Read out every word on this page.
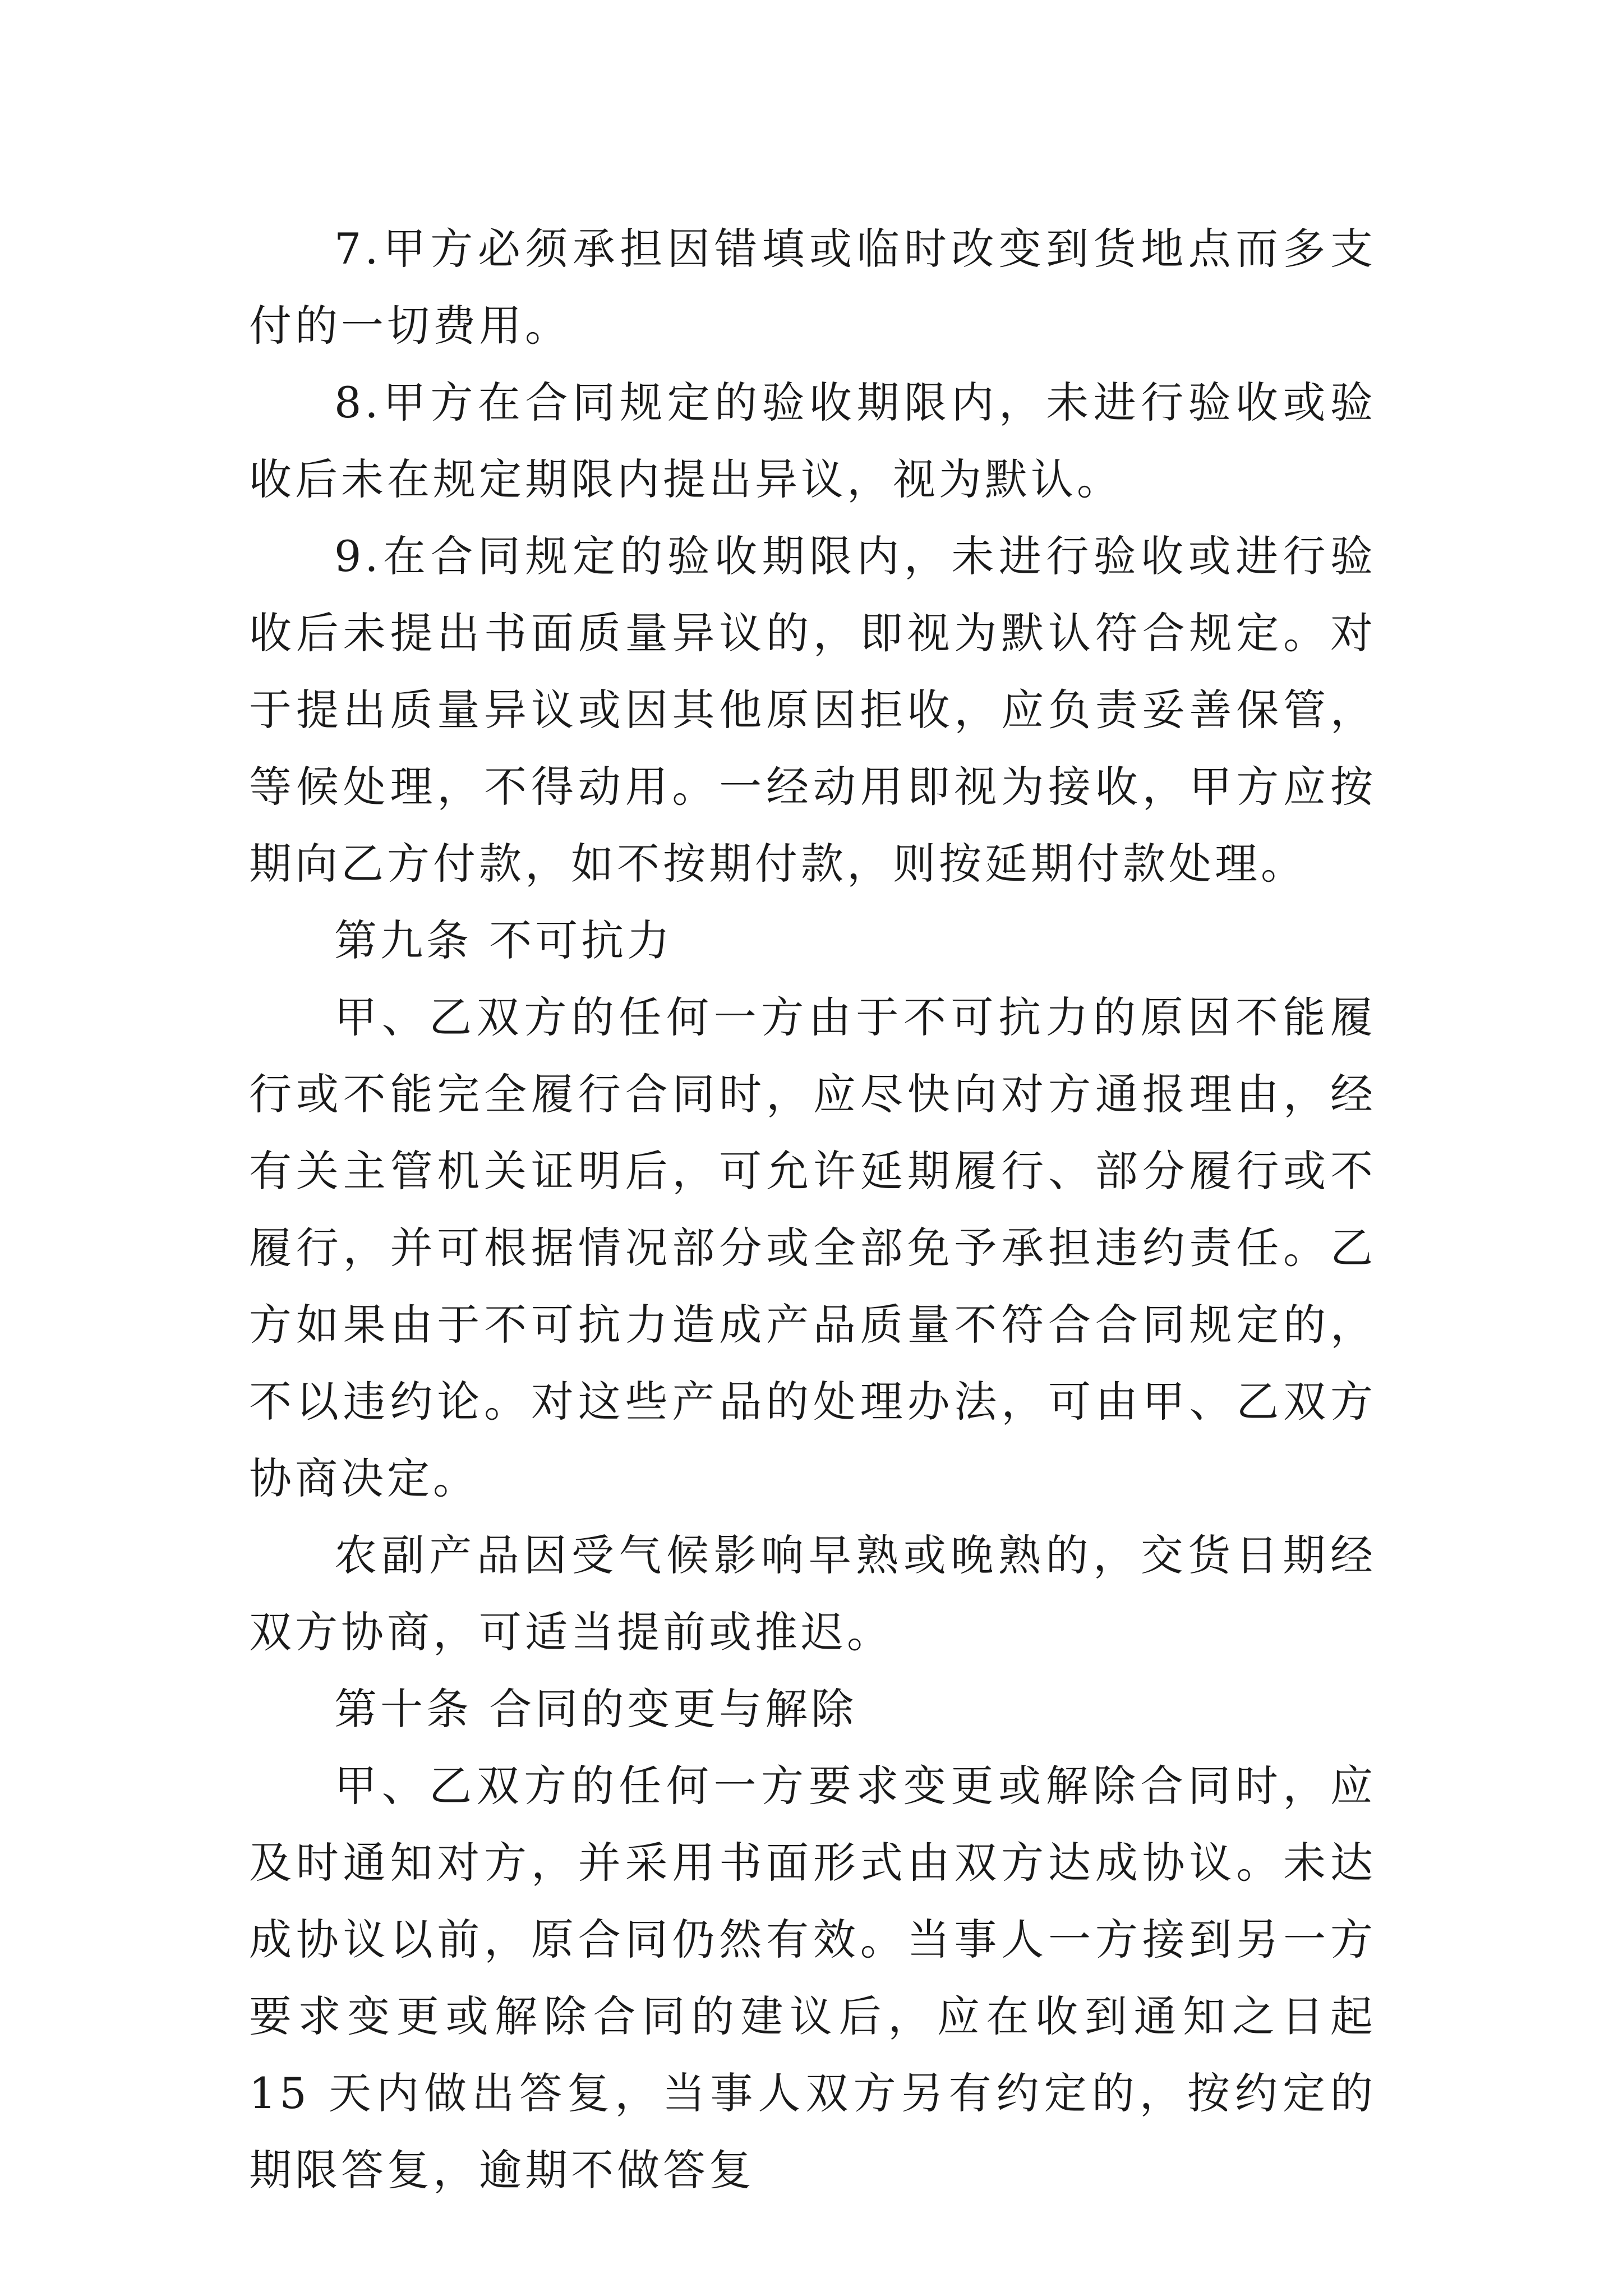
7.甲方必须承担因错填或临时改变到货地点而多支付的一切费用。

8.甲方在合同规定的验收期限内，未进行验收或验收后未在规定期限内提出异议，视为默认。

9.在合同规定的验收期限内，未进行验收或进行验收后未提出书面质量异议的，即视为默认符合规定。对于提出质量异议或因其他原因拒收，应负责妥善保管，等候处理，不得动用。一经动用即视为接收，甲方应按期向乙方付款，如不按期付款，则按延期付款处理。

第九条 不可抗力

甲、乙双方的任何一方由于不可抗力的原因不能履行或不能完全履行合同时，应尽快向对方通报理由，经有关主管机关证明后，可允许延期履行、部分履行或不履行，并可根据情况部分或全部免予承担违约责任。乙方如果由于不可抗力造成产品质量不符合合同规定的，不以违约论。对这些产品的处理办法，可由甲、乙双方协商决定。

农副产品因受气候影响早熟或晚熟的，交货日期经双方协商，可适当提前或推迟。

第十条 合同的变更与解除

甲、乙双方的任何一方要求变更或解除合同时，应及时通知对方，并采用书面形式由双方达成协议。未达成协议以前，原合同仍然有效。当事人一方接到另一方要求变更或解除合同的建议后，应在收到通知之日起 15 天内做出答复，当事人双方另有约定的，按约定的期限答复，逾期不做答复
